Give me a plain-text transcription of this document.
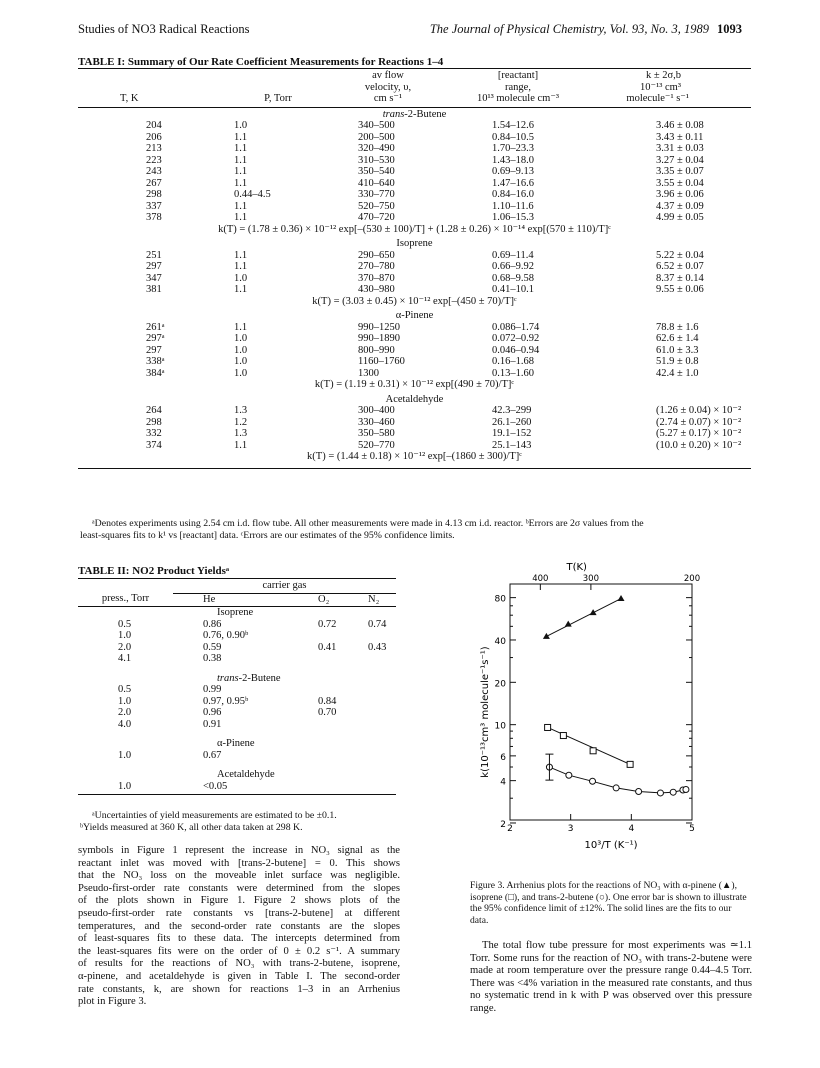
Studies of NO3 Radical Reactions	The Journal of Physical Chemistry, Vol. 93, No. 3, 1989 1093
TABLE I: Summary of Our Rate Coefficient Measurements for Reactions 1–4
		av flow	[reactant]	k ± 2σ,b
		velocity, υ,	range,	10⁻¹³ cm³
T, K	P, Torr	cm s⁻¹	10¹³ molecule cm⁻³	molecule⁻¹ s⁻¹

trans-2-Butene				
204	1.0	340–500	1.54–12.6	3.46 ± 0.08
206	1.1	200–500	0.84–10.5	3.43 ± 0.11
213	1.1	320–490	1.70–23.3	3.31 ± 0.03
223	1.1	310–530	1.43–18.0	3.27 ± 0.04
243	1.1	350–540	0.69–9.13	3.35 ± 0.07
267	1.1	410–640	1.47–16.6	3.55 ± 0.04
298	0.44–4.5	330–770	0.84–16.0	3.96 ± 0.06
337	1.1	520–750	1.10–11.6	4.37 ± 0.09
378	1.1	470–720	1.06–15.3	4.99 ± 0.05
k(T) = (1.78 ± 0.36) × 10⁻¹² exp[–(530 ± 100)/T] + (1.28 ± 0.26) × 10⁻¹⁴ exp[(570 ± 110)/T]ᶜ				
Isoprene				
251	1.1	290–650	0.69–11.4	5.22 ± 0.04
297	1.1	270–780	0.66–9.92	6.52 ± 0.07
347	1.0	370–870	0.68–9.58	8.37 ± 0.14
381	1.1	430–980	0.41–10.1	9.55 ± 0.06
k(T) = (3.03 ± 0.45) × 10⁻¹² exp[–(450 ± 70)/T]ᶜ				
α-Pinene				
261ᵃ	1.1	990–1250	0.086–1.74	78.8 ± 1.6
297ᵃ	1.0	990–1890	0.072–0.92	62.6 ± 1.4
297	1.0	800–990	0.046–0.94	61.0 ± 3.3
338ᵃ	1.0	1160–1760	0.16–1.68	51.9 ± 0.8
384ᵃ	1.0	1300	0.13–1.60	42.4 ± 1.0
k(T) = (1.19 ± 0.31) × 10⁻¹² exp[(490 ± 70)/T]ᶜ				
Acetaldehyde				
264	1.3	300–400	42.3–299	(1.26 ± 0.04) × 10⁻²
298	1.2	330–460	26.1–260	(2.74 ± 0.07) × 10⁻²
332	1.3	350–580	19.1–152	(5.27 ± 0.17) × 10⁻²
374	1.1	520–770	25.1–143	(10.0 ± 0.20) × 10⁻²
k(T) = (1.44 ± 0.18) × 10⁻¹² exp[–(1860 ± 300)/T]ᶜ				

ᵃDenotes experiments using 2.54 cm i.d. flow tube. All other measurements were made in 4.13 cm i.d. reactor. ᵇErrors are 2σ values from the
least-squares fits to k¹ vs [reactant] data. ᶜErrors are our estimates of the 95% confidence limits.
TABLE II: NO2 Product Yieldsᵃ
	carrier gas		
press., Torr	He	O₂	N₂

	Isoprene		
0.5	0.86	0.72	0.74
1.0	0.76, 0.90ᵇ		
2.0	0.59	0.41	0.43
4.1	0.38		
	trans-2-Butene		
0.5	0.99		
1.0	0.97, 0.95ᵇ	0.84	
2.0	0.96	0.70	
4.0	0.91		
	α-Pinene		
1.0	0.67		
	Acetaldehyde		
1.0	<0.05		

ᵃUncertainties of yield measurements are estimated to be ±0.1.
ᵇYields measured at 360 K, all other data taken at 298 K.
symbols in Figure 1 represent the increase in NO₃ signal as the
reactant inlet was moved with [trans-2-butene] = 0. This shows
that the NO₃ loss on the moveable inlet surface was negligible.
Pseudo-first-order rate constants were determined from the slopes
of the plots shown in Figure 1. Figure 2 shows plots of the
pseudo-first-order rate constants vs [trans-2-butene] at different
temperatures, and the second-order rate constants are the slopes
of least-squares fits to these data. The intercepts determined from
the least-squares fits were on the order of 0 ± 0.2 s⁻¹. A summary
of results for the reactions of NO₃ with trans-2-butene, isoprene,
α-pinene, and acetaldehyde is given in Table I. The second-order
rate constants, k, are shown for reactions 1–3 in an Arrhenius
plot in Figure 3.
2
4
6
10
20
40
80
2	3	4	5
T(K)
400	300	200
10³/T (K⁻¹)
k(10⁻¹³cm³ molecule⁻¹s⁻¹)
Figure 3. Arrhenius plots for the reactions of NO₃ with α-pinene (▲),
isoprene (□), and trans-2-butene (○). One error bar is shown to illustrate
the 95% confidence limit of ±12%. The solid lines are the fits to our data.
The total flow tube pressure for most experiments was ≃1.1
Torr. Some runs for the reaction of NO₃ with trans-2-butene were
made at room temperature over the pressure range 0.44–4.5 Torr.
There was <4% variation in the measured rate constants, and thus
no systematic trend in k with P was observed over this pressure
range.
